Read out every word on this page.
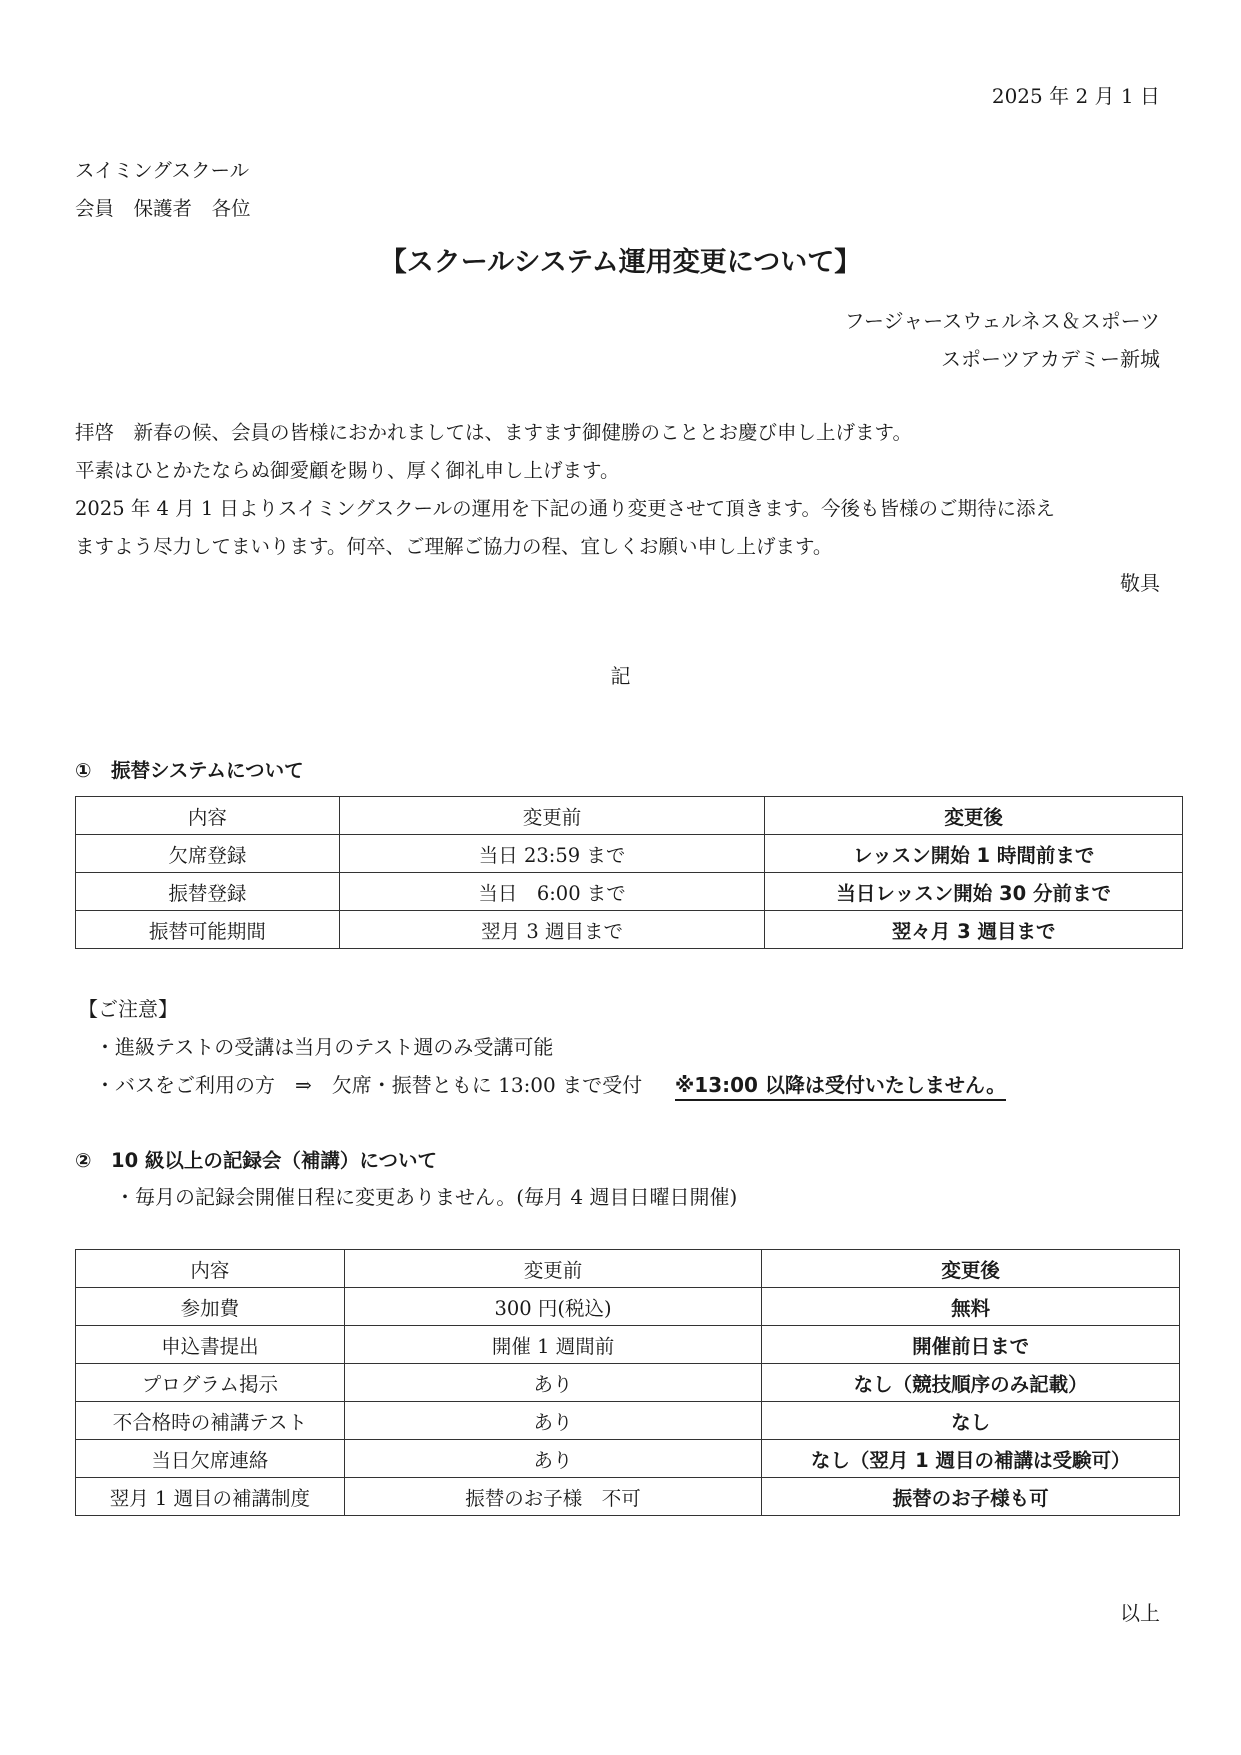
2025 年 2 月 1 日
スイミングスクール
会員　保護者　各位
【スクールシステム運用変更について】
フージャースウェルネス＆スポーツ
スポーツアカデミー新城
拝啓　新春の候、会員の皆様におかれましては、ますます御健勝のこととお慶び申し上げます。
平素はひとかたならぬ御愛顧を賜り、厚く御礼申し上げます。
2025 年 4 月 1 日よりスイミングスクールの運用を下記の通り変更させて頂きます。今後も皆様のご期待に添え
ますよう尽力してまいります。何卒、ご理解ご協力の程、宜しくお願い申し上げます。
敬具
記
①　振替システムについて
内容	変更前	変更後
欠席登録	当日 23:59 まで	レッスン開始 1 時間前まで
振替登録	当日　6:00 まで	当日レッスン開始 30 分前まで
振替可能期間	翌月 3 週目まで	翌々月 3 週目まで
【ご注意】
・進級テストの受講は当月のテスト週のみ受講可能
・バスをご利用の方　⇒　欠席・振替ともに 13:00 まで受付 ※13:00 以降は受付いたしません。
②　10 級以上の記録会（補講）について
・毎月の記録会開催日程に変更ありません。(毎月 4 週目日曜日開催)
内容	変更前	変更後
参加費	300 円(税込)	無料
申込書提出	開催 1 週間前	開催前日まで
プログラム掲示	あり	なし（競技順序のみ記載）
不合格時の補講テスト	あり	なし
当日欠席連絡	あり	なし（翌月 1 週目の補講は受験可）
翌月 1 週目の補講制度	振替のお子様　不可	振替のお子様も可
以上
